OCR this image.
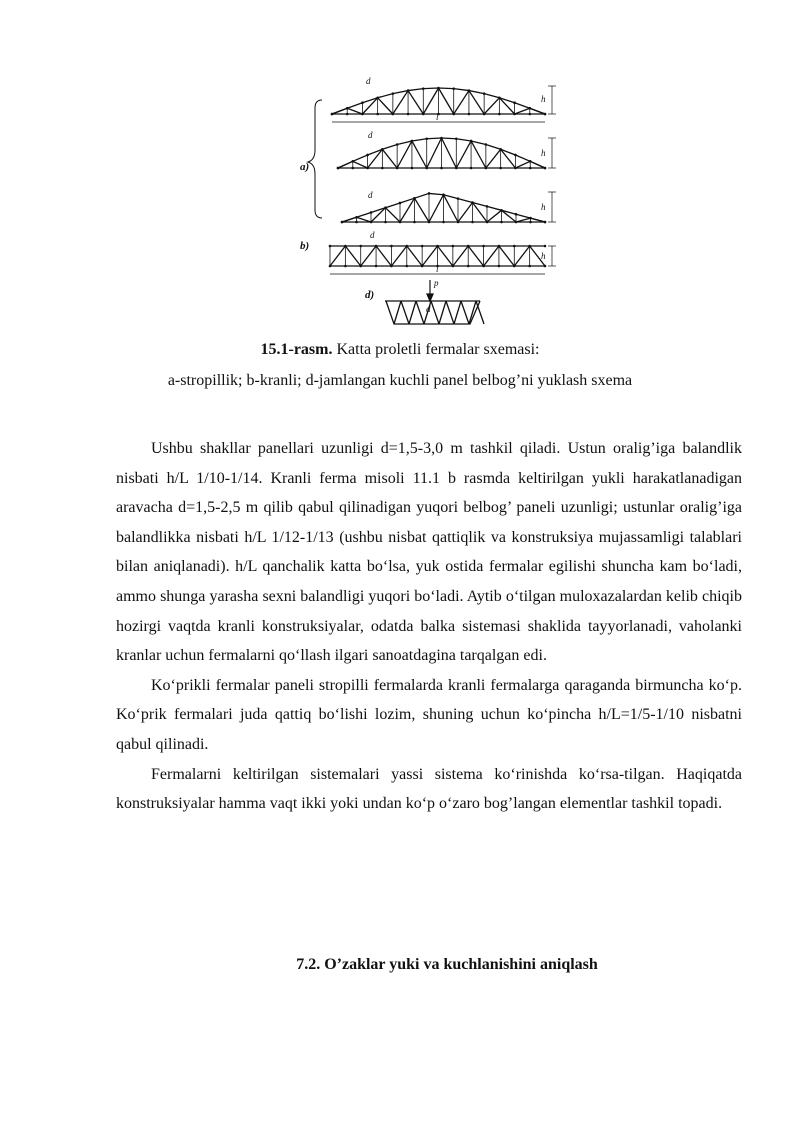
a)
b)
d)
h
l
d
h
d
h
d
h
l
d
p
d
15.1-rasm. Katta proletli fermalar sxemasi:
a-stropillik; b-kranli; d-jamlangan kuchli panel belbog’ni yuklash sxema

Ushbu shakllar panellari uzunligi d=1,5-3,0 m tashkil qiladi. Ustun oralig’iga balandlik nisbati h/L 1/10-1/14. Kranli ferma misoli 11.1 b rasmda keltirilgan yukli harakatlanadigan aravacha d=1,5-2,5 m qilib qabul qilinadigan yuqori belbog’ paneli uzunligi; ustunlar oralig’iga balandlikka nisbati h/L 1/12-1/13 (ushbu nisbat qattiqlik va konstruksiya mujassamligi talablari bilan aniqlanadi). h/L qanchalik katta bo‘lsa, yuk ostida fermalar egilishi shuncha kam bo‘ladi, ammo shunga yarasha sexni balandligi yuqori bo‘ladi. Aytib o‘tilgan muloxazalardan kelib chiqib hozirgi vaqtda kranli konstruksiyalar, odatda balka sistemasi shaklida tayyorlanadi, vaholanki kranlar uchun fermalarni qo‘llash ilgari sanoatdagina tarqalgan edi.

Ko‘prikli fermalar paneli stropilli fermalarda kranli fermalarga qaraganda birmuncha ko‘p. Ko‘prik fermalari juda qattiq bo‘lishi lozim, shuning uchun ko‘pincha h/L=1/5-1/10 nisbatni qabul qilinadi.

Fermalarni keltirilgan sistemalari yassi sistema ko‘rinishda ko‘rsa-tilgan. Haqiqatda konstruksiyalar hamma vaqt ikki yoki undan ko‘p o‘zaro bog’langan elementlar tashkil topadi.

7.2. O’zaklar yuki va kuchlanishini aniqlash
